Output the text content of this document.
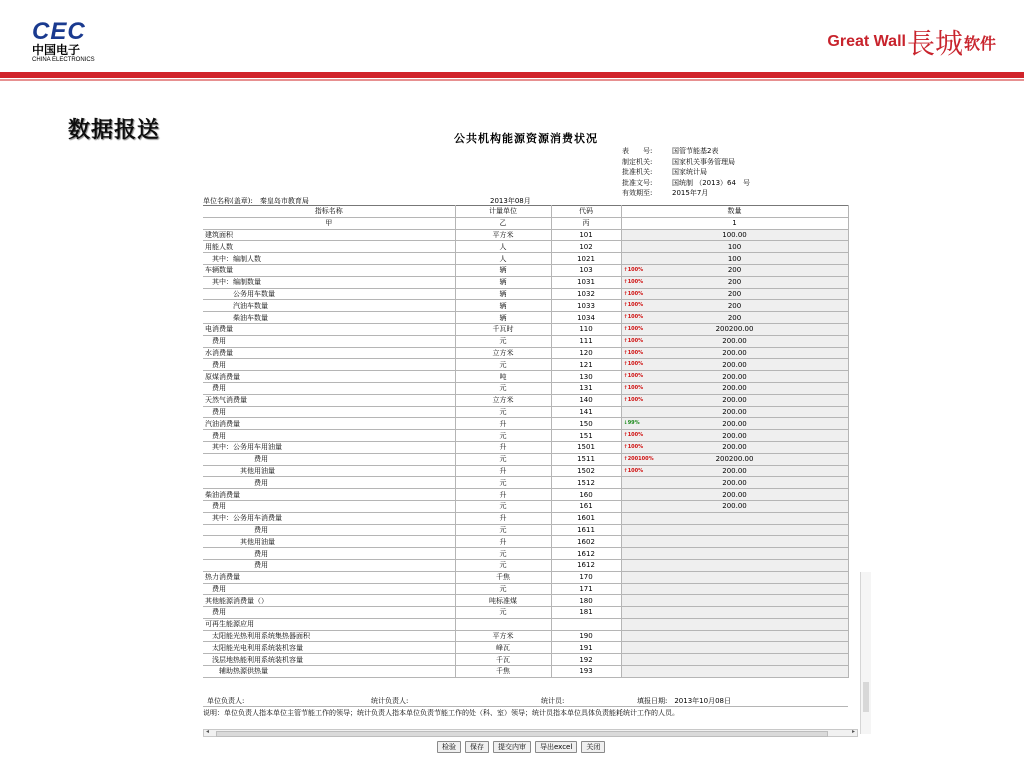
CEC
中国电子
CHINA ELECTRONICS
Great Wall 長城 软件
数据报送	公共机构能源资源消费状况
表　　号:	国管节能基2表
制定机关:	国家机关事务管理局
批准机关:	国家统计局
批准文号:	国统制 （2013）64　号
有效期至:	2015年7月
单位名称(盖章):　秦皇岛市教育局	2013年08月
指标名称	计量单位	代码	数量
甲	乙	丙	1
建筑面积	平方米	101	100.00

用能人数	人	102	100

　其中：编制人数	人	1021	100

车辆数量	辆	103	↑100% 200

　其中：编制数量	辆	1031	↑100% 200

　　　　公务用车数量	辆	1032	↑100% 200

　　　　汽油车数量	辆	1033	↑100% 200

　　　　柴油车数量	辆	1034	↑100% 200

电消费量	千瓦时	110	↑100% 200200.00

　费用	元	111	↑100% 200.00

水消费量	立方米	120	↑100% 200.00

　费用	元	121	↑100% 200.00

原煤消费量	吨	130	↑100% 200.00

　费用	元	131	↑100% 200.00

天然气消费量	立方米	140	↑100% 200.00

　费用	元	141	200.00

汽油消费量	升	150	↓99% 200.00

　费用	元	151	↑100% 200.00

　其中：公务用车用油量	升	1501	↑100% 200.00

　　　　　　　费用	元	1511	↑200100% 200200.00

　　　　　其他用油量	升	1502	↑100% 200.00

　　　　　　　费用	元	1512	200.00

柴油消费量	升	160	200.00

　费用	元	161	200.00

　其中：公务用车消费量	升	1601	

　　　　　　　费用	元	1611	

　　　　　其他用油量	升	1602	

　　　　　　　费用	元	1612	

　　　　　　　费用	元	1612	

热力消费量	千焦	170	

　费用	元	171	

其他能源消费量（）	吨标准煤	180	

　费用	元	181	

可再生能源应用			

　太阳能光热利用系统集热器面积	平方米	190	

　太阳能光电利用系统装机容量	峰瓦	191	

　浅层地热能利用系统装机容量	千瓦	192	

　　辅助热源供热量	千焦	193	
单位负责人:	统计负责人:	统计员:	填报日期:　2013年10月08日
说明：单位负责人指本单位主管节能工作的领导；统计负责人指本单位负责节能工作的处（科、室）领导；统计员指本单位具体负责能耗统计工作的人员。
◂	▸
检验	保存	提交内审	导出excel	关闭
